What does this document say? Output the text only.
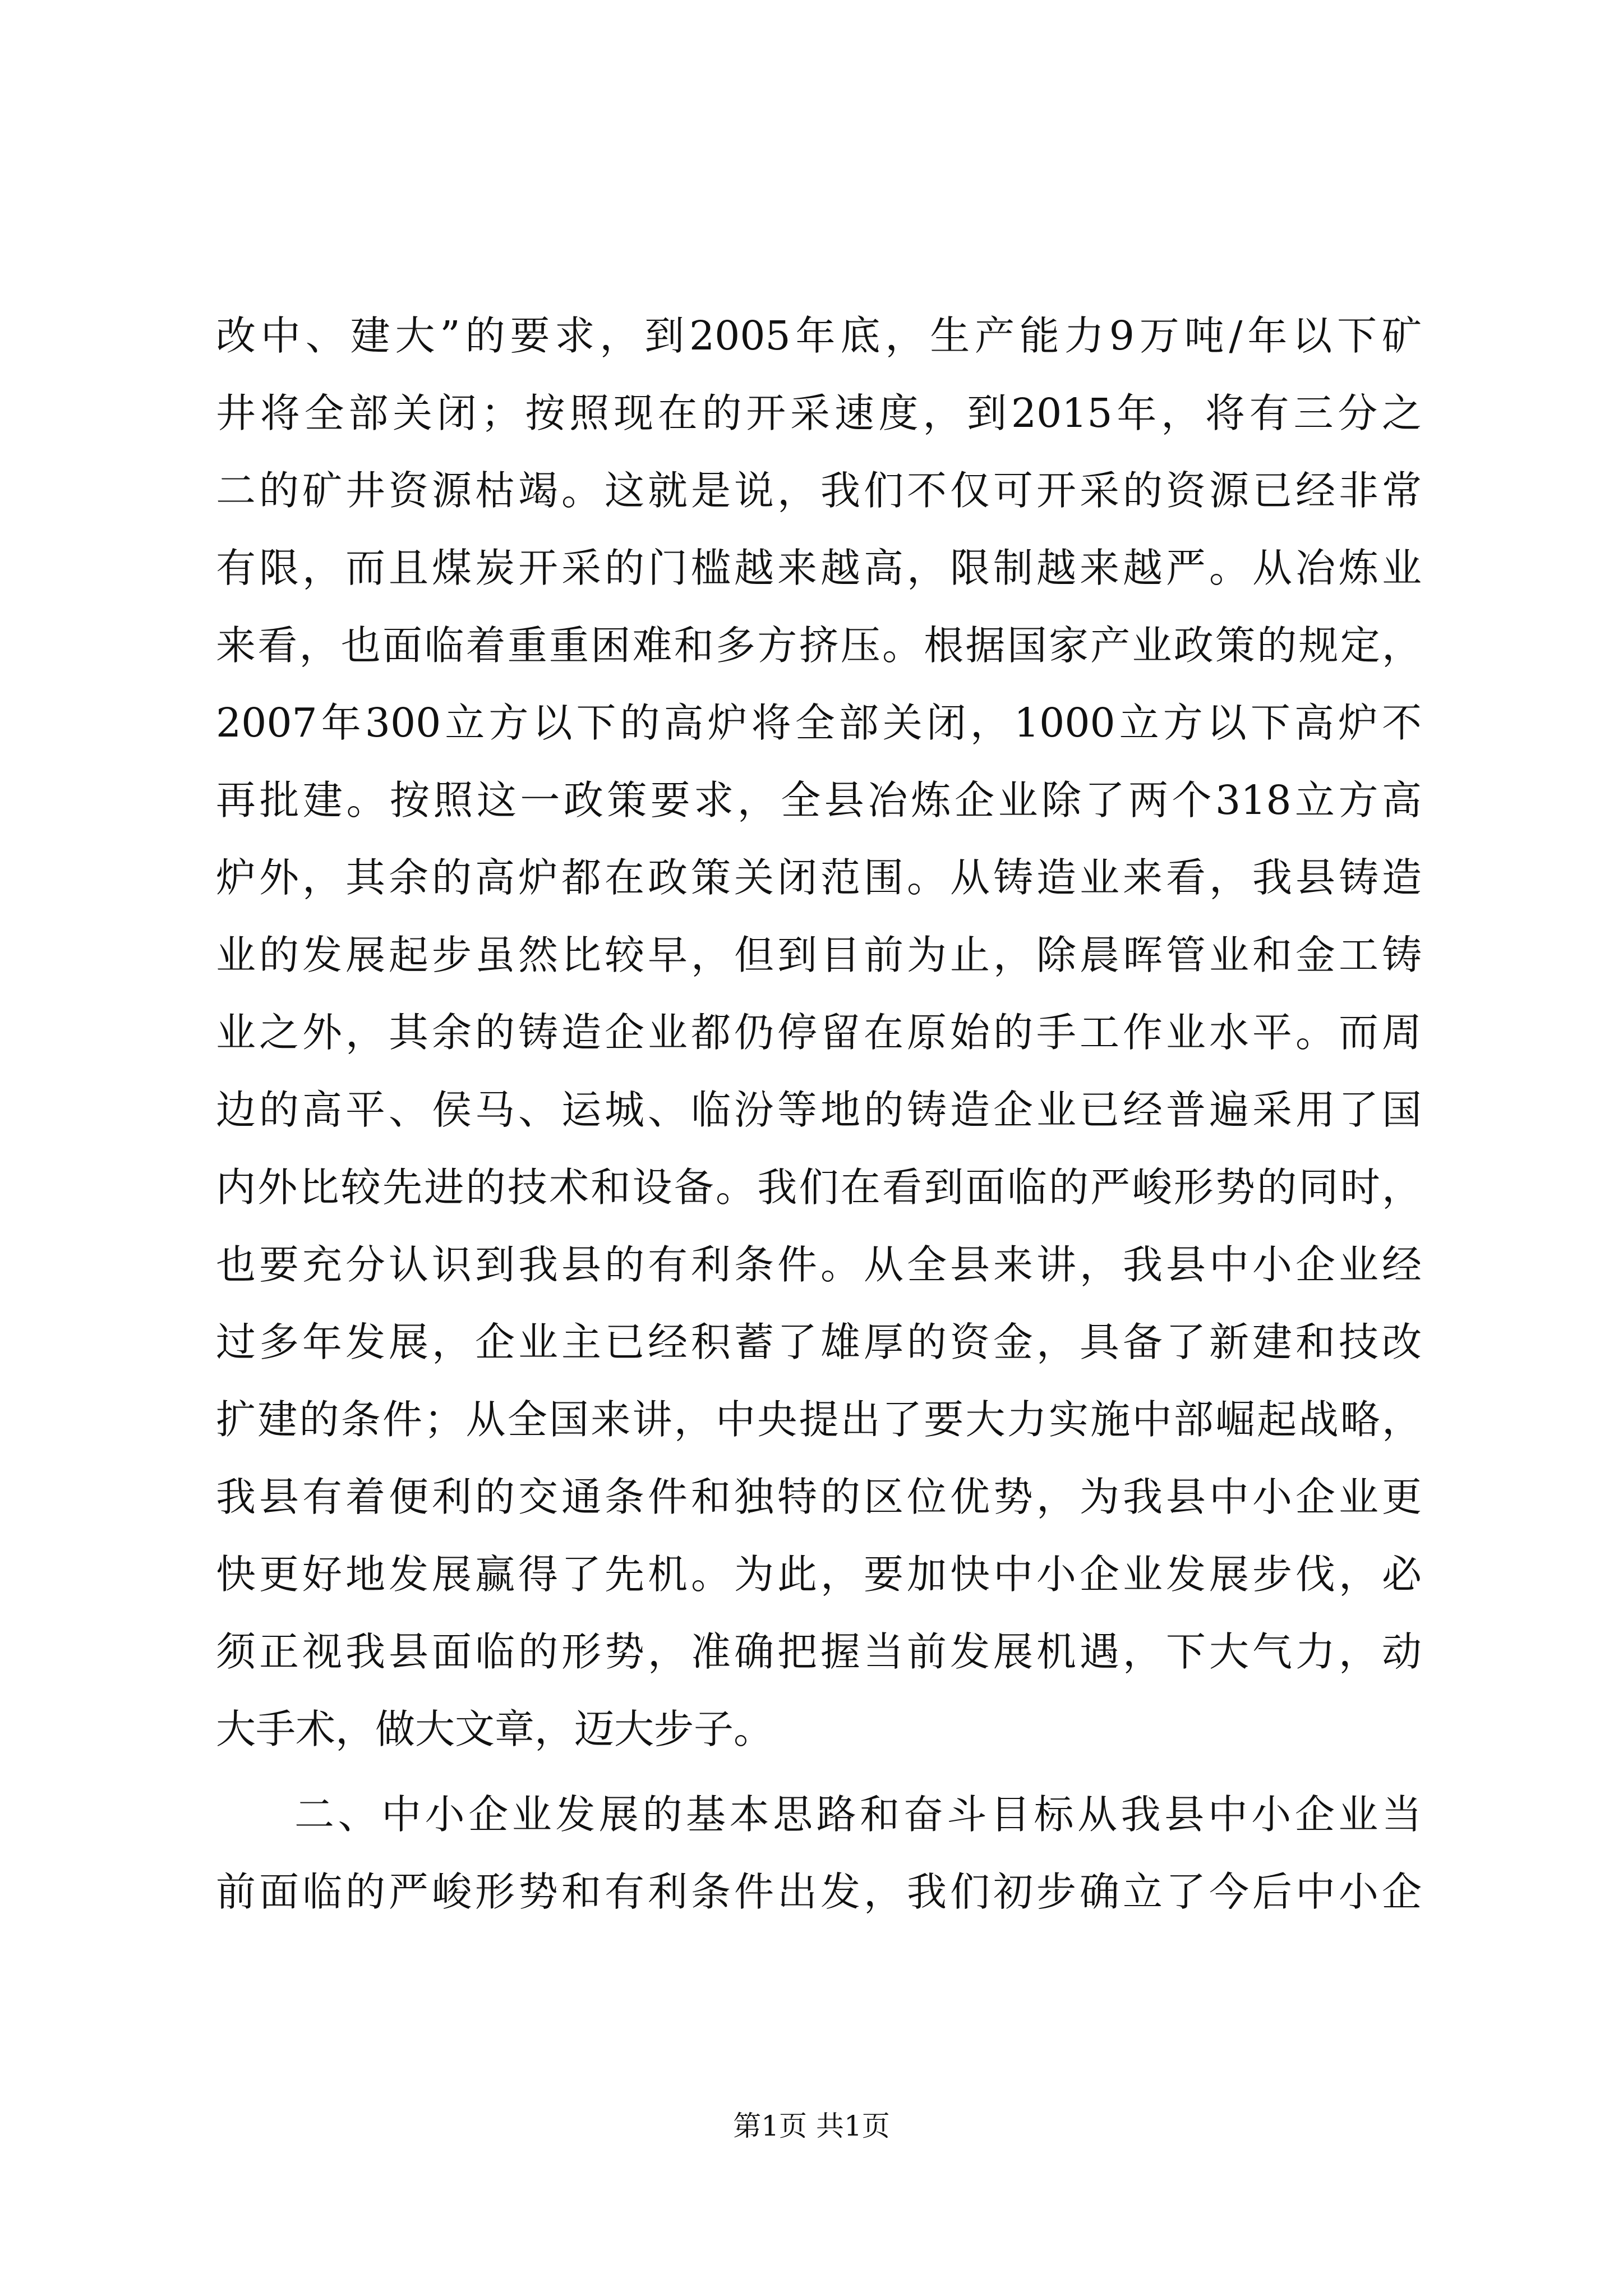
改中、建大”的要求，到2005年底，生产能力9万吨/年以下矿
井将全部关闭；按照现在的开采速度，到2015年，将有三分之
二的矿井资源枯竭。这就是说，我们不仅可开采的资源已经非常
有限，而且煤炭开采的门槛越来越高，限制越来越严。从冶炼业
来看，也面临着重重困难和多方挤压。根据国家产业政策的规定，
2007年300立方以下的高炉将全部关闭，1000立方以下高炉不
再批建。按照这一政策要求，全县冶炼企业除了两个318立方高
炉外，其余的高炉都在政策关闭范围。从铸造业来看，我县铸造
业的发展起步虽然比较早，但到目前为止，除晨晖管业和金工铸
业之外，其余的铸造企业都仍停留在原始的手工作业水平。而周
边的高平、侯马、运城、临汾等地的铸造企业已经普遍采用了国
内外比较先进的技术和设备。我们在看到面临的严峻形势的同时，
也要充分认识到我县的有利条件。从全县来讲，我县中小企业经
过多年发展，企业主已经积蓄了雄厚的资金，具备了新建和技改
扩建的条件；从全国来讲，中央提出了要大力实施中部崛起战略，
我县有着便利的交通条件和独特的区位优势，为我县中小企业更
快更好地发展赢得了先机。为此，要加快中小企业发展步伐，必
须正视我县面临的形势，准确把握当前发展机遇，下大气力，动
大手术，做大文章，迈大步子。
二、中小企业发展的基本思路和奋斗目标从我县中小企业当
前面临的严峻形势和有利条件出发，我们初步确立了今后中小企
第1页 共1页
